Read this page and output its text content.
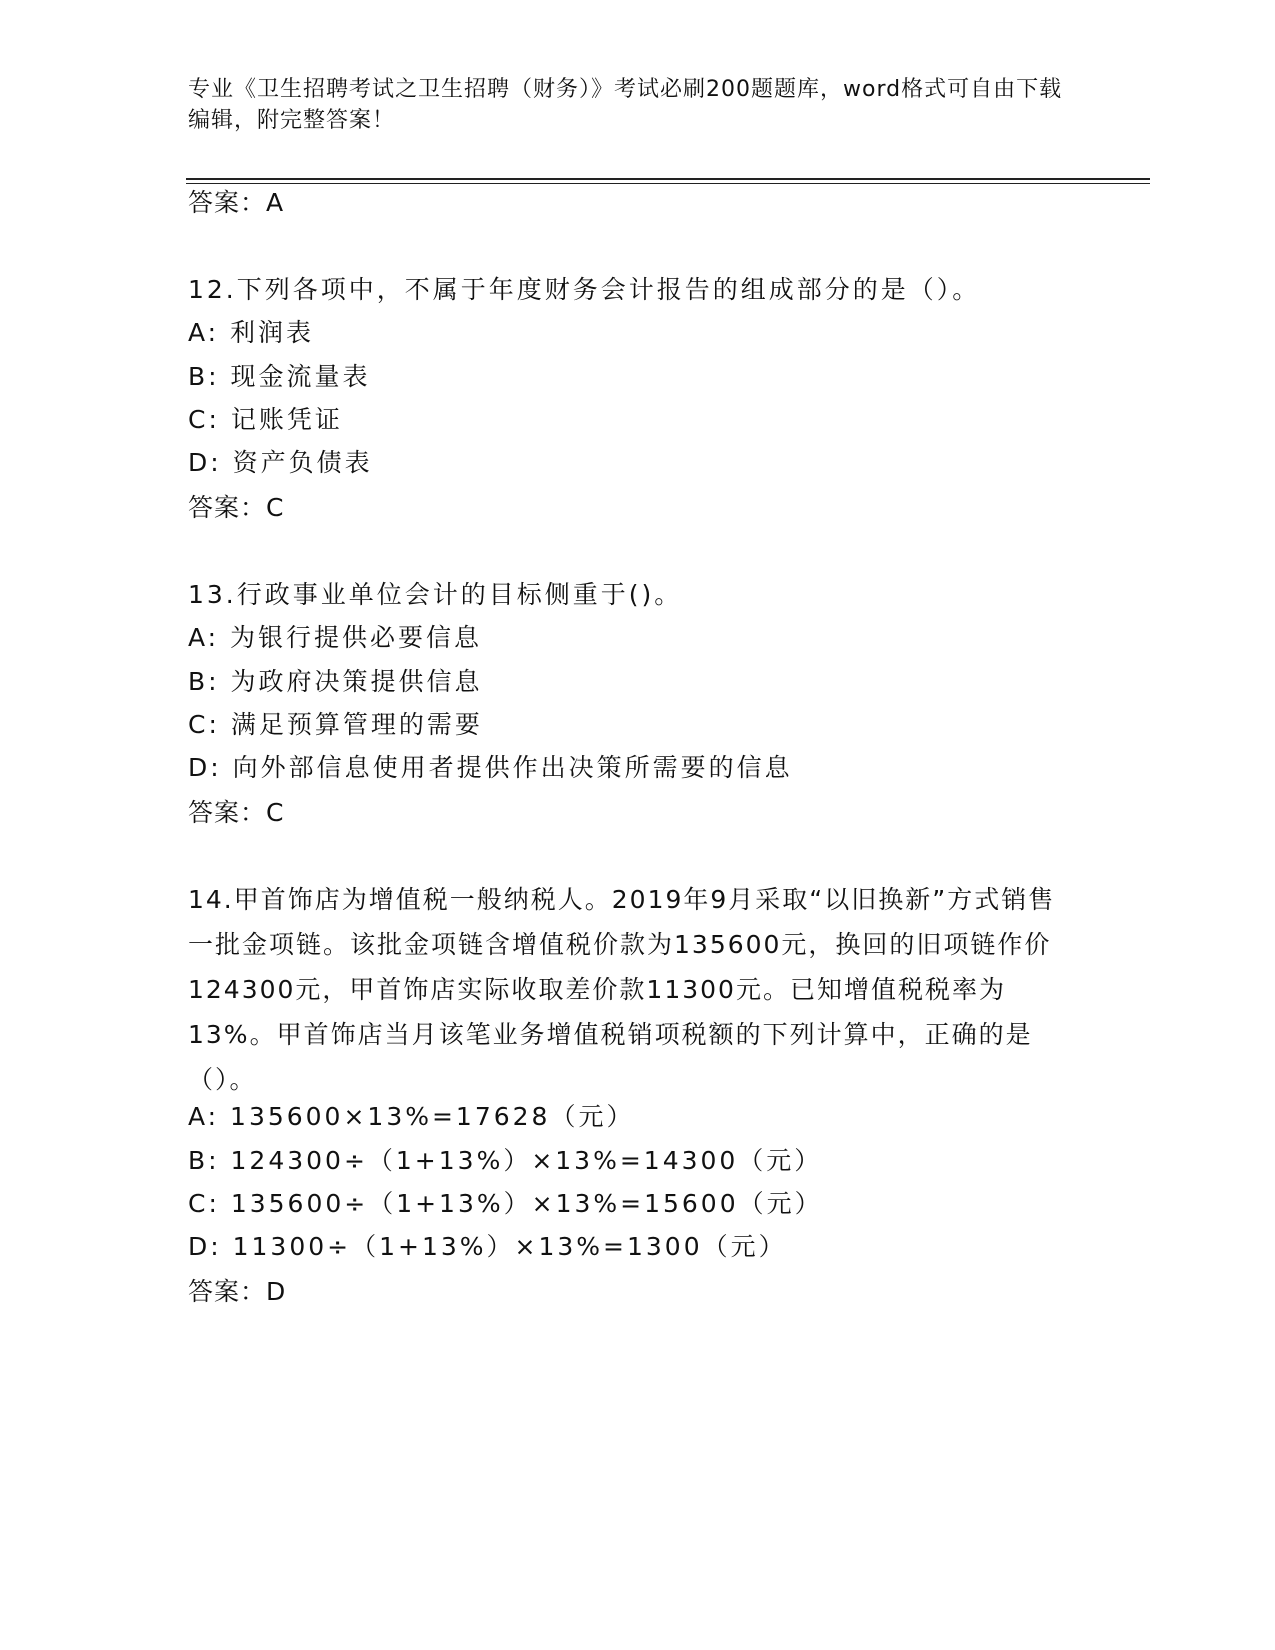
专业《卫生招聘考试之卫生招聘（财务）》考试必刷200题题库，word格式可自由下载编辑，附完整答案！
答案：A
12.下列各项中，不属于年度财务会计报告的组成部分的是（）。
A: 利润表
B: 现金流量表
C: 记账凭证
D: 资产负债表
答案：C
13.行政事业单位会计的目标侧重于()。
A: 为银行提供必要信息
B: 为政府决策提供信息
C: 满足预算管理的需要
D: 向外部信息使用者提供作出决策所需要的信息
答案：C
14.甲首饰店为增值税一般纳税人。2019年9月采取“以旧换新”方式销售一批金项链。该批金项链含增值税价款为135600元，换回的旧项链作价124300元，甲首饰店实际收取差价款11300元。已知增值税税率为13%。甲首饰店当月该笔业务增值税销项税额的下列计算中，正确的是（）。
A: 135600×13%=17628（元）
B: 124300÷（1+13%）×13%=14300（元）
C: 135600÷（1+13%）×13%=15600（元）
D: 11300÷（1+13%）×13%=1300（元）
答案：D
